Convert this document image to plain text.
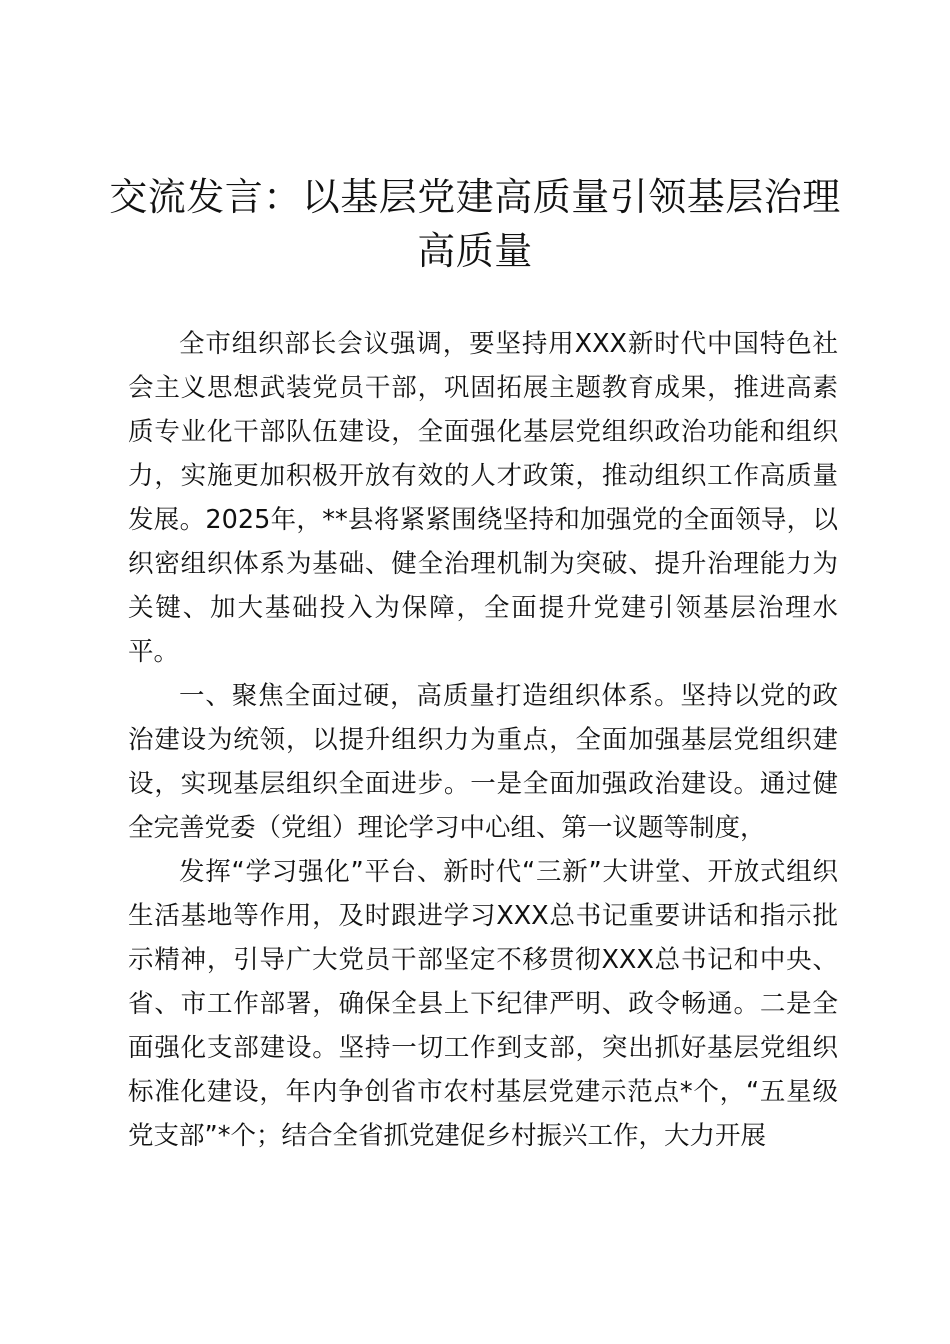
交流发言：以基层党建高质量引领基层治理高质量

全市组织部长会议强调，要坚持用XXX新时代中国特色社会主义思想武装党员干部，巩固拓展主题教育成果，推进高素质专业化干部队伍建设，全面强化基层党组织政治功能和组织力，实施更加积极开放有效的人才政策，推动组织工作高质量发展。2025年，**县将紧紧围绕坚持和加强党的全面领导，以织密组织体系为基础、健全治理机制为突破、提升治理能力为关键、加大基础投入为保障，全面提升党建引领基层治理水平。

一、聚焦全面过硬，高质量打造组织体系。坚持以党的政治建设为统领，以提升组织力为重点，全面加强基层党组织建设，实现基层组织全面进步。一是全面加强政治建设。通过健全完善党委（党组）理论学习中心组、第一议题等制度，

发挥“学习强化”平台、新时代“三新”大讲堂、开放式组织生活基地等作用，及时跟进学习XXX总书记重要讲话和指示批示精神，引导广大党员干部坚定不移贯彻XXX总书记和中央、省、市工作部署，确保全县上下纪律严明、政令畅通。二是全面强化支部建设。坚持一切工作到支部，突出抓好基层党组织标准化建设，年内争创省市农村基层党建示范点*个，“五星级党支部”*个；结合全省抓党建促乡村振兴工作，大力开展
